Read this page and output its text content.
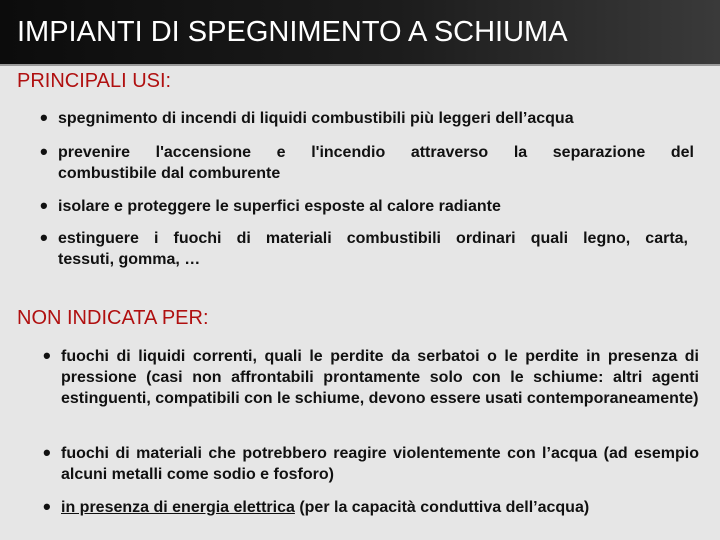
IMPIANTI DI SPEGNIMENTO A SCHIUMA
PRINCIPALI USI:
• spegnimento di incendi di liquidi combustibili più leggeri dell’acqua
• prevenire l'accensione e l'incendio attraverso la separazione del
combustibile dal comburente
• isolare e proteggere le superfici esposte al calore radiante
• estinguere i fuochi di materiali combustibili ordinari quali legno, carta,
tessuti, gomma, …
NON INDICATA PER:
• fuochi di liquidi correnti, quali le perdite da serbatoi o le perdite in presenza di pressione (casi non affrontabili prontamente solo con le schiume: altri agenti estinguenti, compatibili con le schiume, devono essere usati contemporaneamente)
• fuochi di materiali che potrebbero reagire violentemente con l’acqua (ad esempio alcuni metalli come sodio e fosforo)
• in presenza di energia elettrica (per la capacità conduttiva dell’acqua)
